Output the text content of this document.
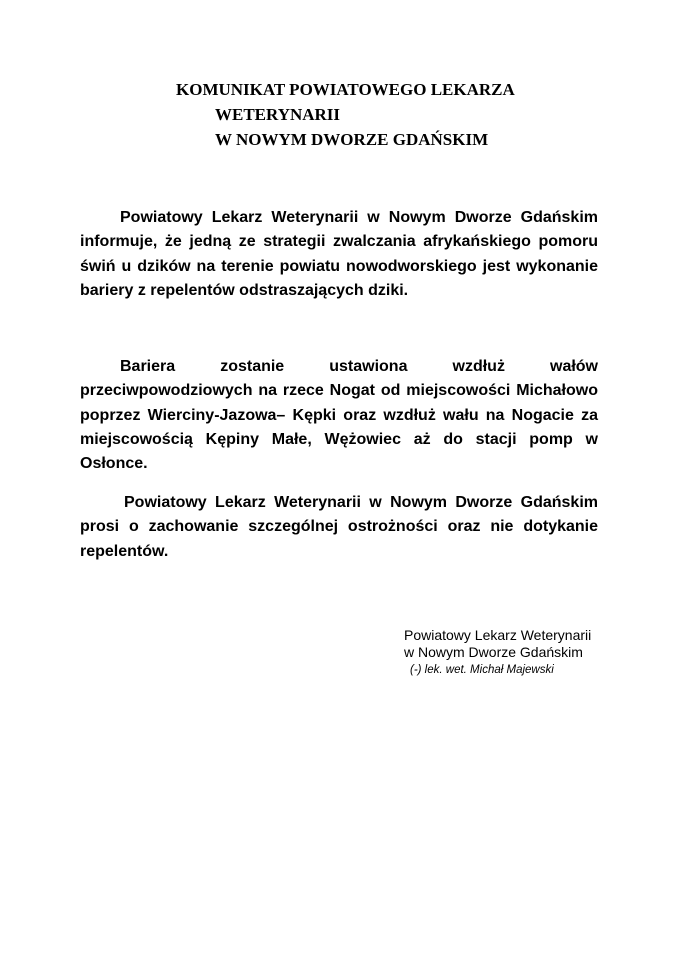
KOMUNIKAT POWIATOWEGO LEKARZA
WETERYNARII
W NOWYM DWORZE GDAŃSKIM

Powiatowy Lekarz Weterynarii w Nowym Dworze Gdańskim informuje, że jedną ze strategii zwalczania afrykańskiego pomoru świń u dzików na terenie powiatu nowodworskiego jest wykonanie bariery z repelentów odstraszających dziki.

Bariera zostanie ustawiona wzdłuż wałów przeciwpowodziowych na rzece Nogat od miejscowości Michałowo poprzez Wierciny-Jazowa– Kępki oraz wzdłuż wału na Nogacie za miejscowością Kępiny Małe, Wężowiec aż do stacji pomp w Osłonce.

Powiatowy Lekarz Weterynarii w Nowym Dworze Gdańskim prosi o zachowanie szczególnej ostrożności oraz nie dotykanie repelentów.

Powiatowy Lekarz Weterynarii
w Nowym Dworze Gdańskim
(-) lek. wet. Michał Majewski
